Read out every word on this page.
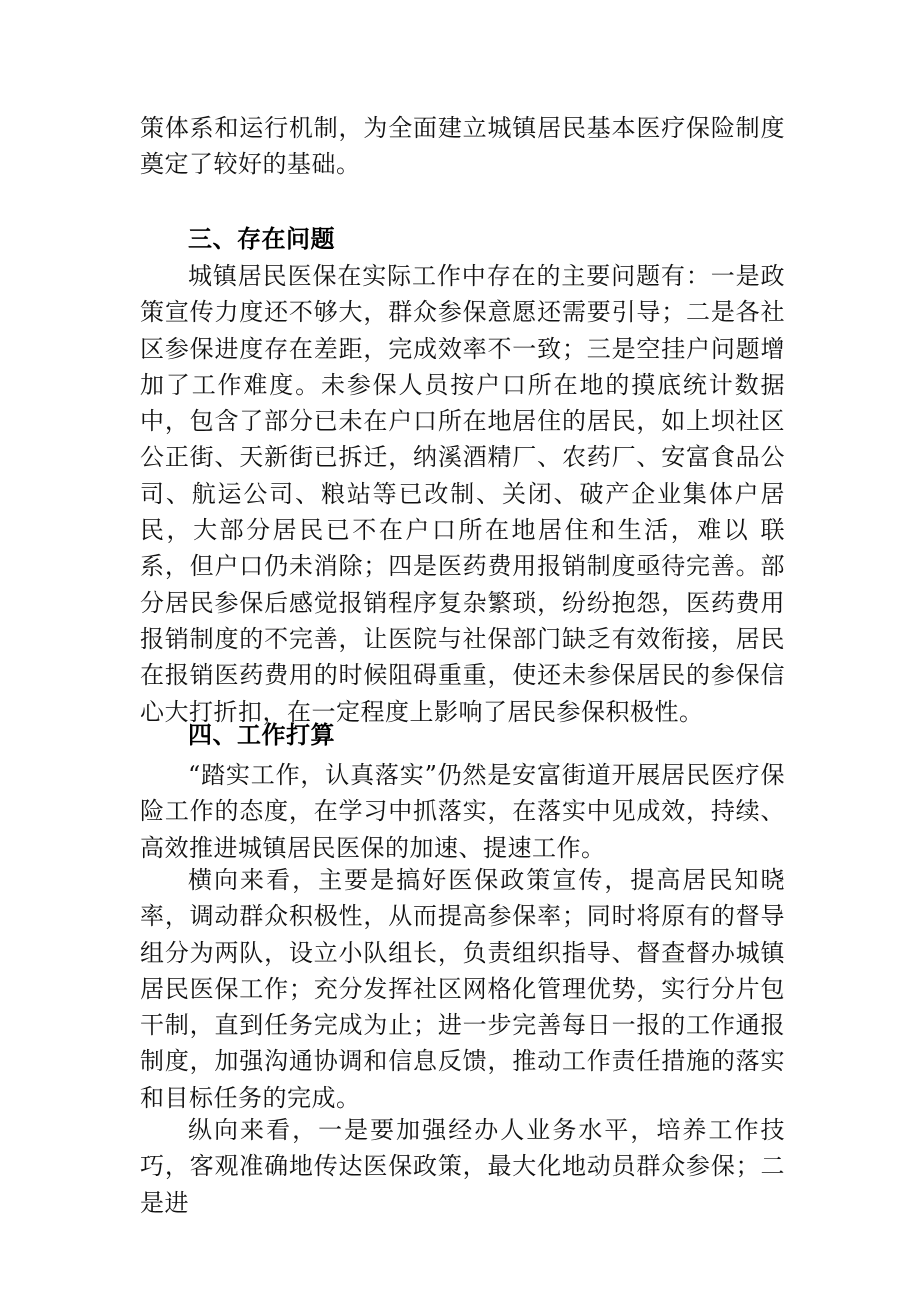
策体系和运行机制，为全面建立城镇居民基本医疗保险制度奠定了较好的基础。

三、存在问题

城镇居民医保在实际工作中存在的主要问题有：一是政策宣传力度还不够大，群众参保意愿还需要引导；二是各社区参保进度存在差距，完成效率不一致；三是空挂户问题增加了工作难度。未参保人员按户口所在地的摸底统计数据中，包含了部分已未在户口所在地居住的居民，如上坝社区公正街、天新街已拆迁，纳溪酒精厂、农药厂、安富食品公司、航运公司、粮站等已改制、关闭、破产企业集体户居民，大部分居民已不在户口所在地居住和生活，难以 联系，但户口仍未消除；四是医药费用报销制度亟待完善。部分居民参保后感觉报销程序复杂繁琐，纷纷抱怨，医药费用报销制度的不完善，让医院与社保部门缺乏有效衔接，居民在报销医药费用的时候阻碍重重，使还未参保居民的参保信心大打折扣，在一定程度上影响了居民参保积极性。

四、工作打算

“踏实工作，认真落实”仍然是安富街道开展居民医疗保险工作的态度，在学习中抓落实，在落实中见成效，持续、高效推进城镇居民医保的加速、提速工作。

横向来看，主要是搞好医保政策宣传，提高居民知晓率，调动群众积极性，从而提高参保率；同时将原有的督导组分为两队，设立小队组长，负责组织指导、督查督办城镇居民医保工作；充分发挥社区网格化管理优势，实行分片包干制，直到任务完成为止；进一步完善每日一报的工作通报制度，加强沟通协调和信息反馈，推动工作责任措施的落实和目标任务的完成。

纵向来看，一是要加强经办人业务水平，培养工作技巧，客观准确地传达医保政策，最大化地动员群众参保；二是进
